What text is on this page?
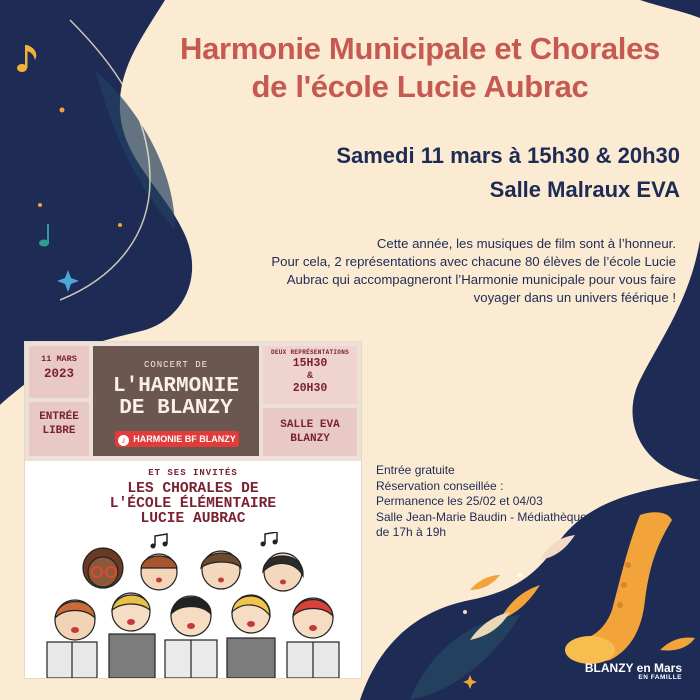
Harmonie Municipale et Chorales
de l'école Lucie Aubrac
Samedi 11 mars à 15h30 & 20h30
Salle Malraux EVA
Cette année, les musiques de film sont à l’honneur.
Pour cela, 2 représentations avec chacune 80 élèves de l’école Lucie
Aubrac qui accompagneront l’Harmonie municipale pour vous faire
voyager dans un univers féérique !
11 MARS
2023
ENTRÉE
LIBRE
CONCERT DE
L'HARMONIE
DE BLANZY
♪ HARMONIE BF BLANZY
DEUX REPRÉSENTATIONS
15H30
&
20H30
SALLE EVA
BLANZY
ET SES INVITÉS
LES CHORALES DE
L'ÉCOLE ÉLÉMENTAIRE
LUCIE AUBRAC
Entrée gratuite
Réservation conseillée :
Permanence les 25/02 et 04/03
Salle Jean-Marie Baudin - Médiathèque
de 17h à 19h
BLANZY en Mars
EN FAMILLE
